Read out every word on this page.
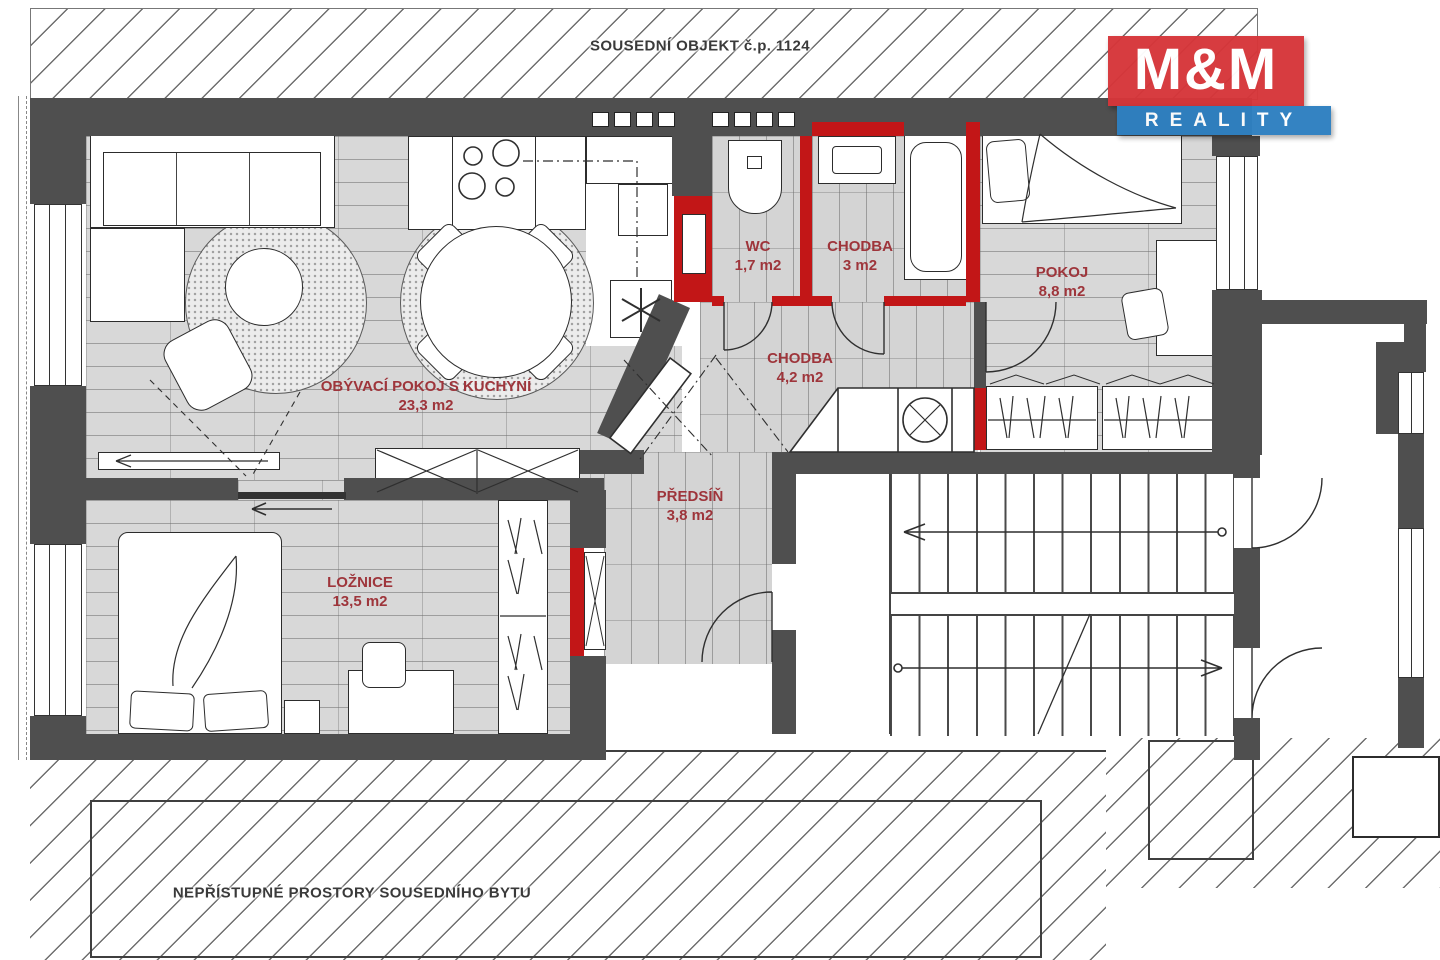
SOUSEDNÍ OBJEKT č.p. 1124
NEPŘÍSTUPNÉ PROSTORY SOUSEDNÍHO BYTU
WC
1,7 m2
CHODBA
3 m2	POKOJ
8,8 m2
OBÝVACÍ POKOJ S KUCHYNÍ
23,3 m2
CHODBA
4,2 m2
PŘEDSÍŇ
3,8 m2
LOŽNICE
13,5 m2
M&M
REALITY
